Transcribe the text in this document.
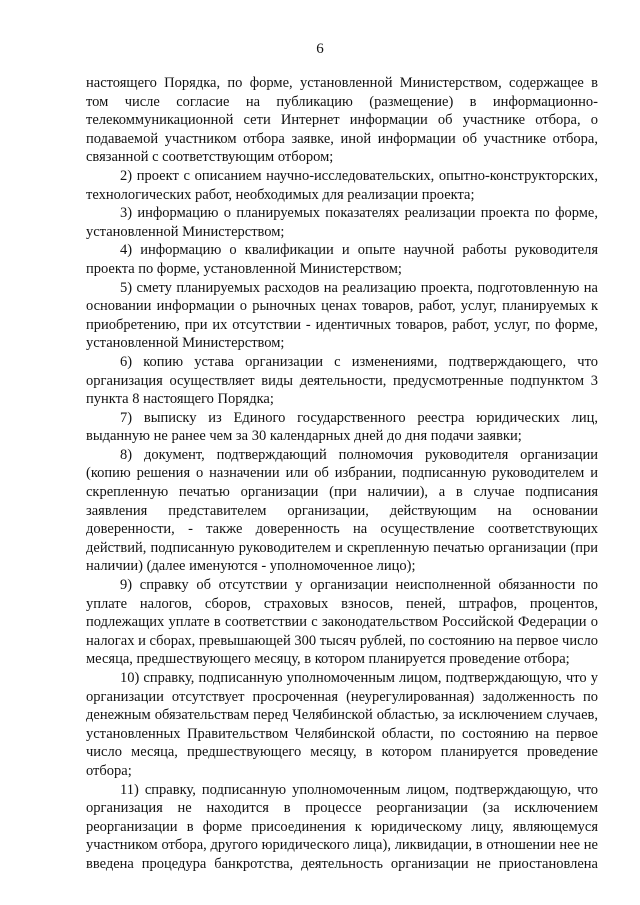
6

настоящего Порядка, по форме, установленной Министерством, содержащее в том числе согласие на публикацию (размещение) в информационно-телекоммуникационной сети Интернет информации об участнике отбора, о подаваемой участником отбора заявке, иной информации об участнике отбора, связанной с соответствующим отбором;

2) проект с описанием научно-исследовательских, опытно-конструкторских, технологических работ, необходимых для реализации проекта;

3) информацию о планируемых показателях реализации проекта по форме, установленной Министерством;

4) информацию о квалификации и опыте научной работы руководителя проекта по форме, установленной Министерством;

5) смету планируемых расходов на реализацию проекта, подготовленную на основании информации о рыночных ценах товаров, работ, услуг, планируемых к приобретению, при их отсутствии - идентичных товаров, работ, услуг, по форме, установленной Министерством;

6) копию устава организации с изменениями, подтверждающего, что организация осуществляет виды деятельности, предусмотренные подпунктом 3 пункта 8 настоящего Порядка;

7) выписку из Единого государственного реестра юридических лиц, выданную не ранее чем за 30 календарных дней до дня подачи заявки;

8) документ, подтверждающий полномочия руководителя организации (копию решения о назначении или об избрании, подписанную руководителем и скрепленную печатью организации (при наличии), а в случае подписания заявления представителем организации, действующим на основании доверенности, - также доверенность на осуществление соответствующих действий, подписанную руководителем и скрепленную печатью организации (при наличии) (далее именуются - уполномоченное лицо);

9) справку об отсутствии у организации неисполненной обязанности по уплате налогов, сборов, страховых взносов, пеней, штрафов, процентов, подлежащих уплате в соответствии с законодательством Российской Федерации о налогах и сборах, превышающей 300 тысяч рублей, по состоянию на первое число месяца, предшествующего месяцу, в котором планируется проведение отбора;

10) справку, подписанную уполномоченным лицом, подтверждающую, что у организации отсутствует просроченная (неурегулированная) задолженность по денежным обязательствам перед Челябинской областью, за исключением случаев, установленных Правительством Челябинской области, по состоянию на первое число месяца, предшествующего месяцу, в котором планируется проведение отбора;

11) справку, подписанную уполномоченным лицом, подтверждающую, что организация не находится в процессе реорганизации (за исключением реорганизации в форме присоединения к юридическому лицу, являющемуся участником отбора, другого юридического лица), ликвидации, в отношении нее не введена процедура банкротства, деятельность организации не приостановлена
